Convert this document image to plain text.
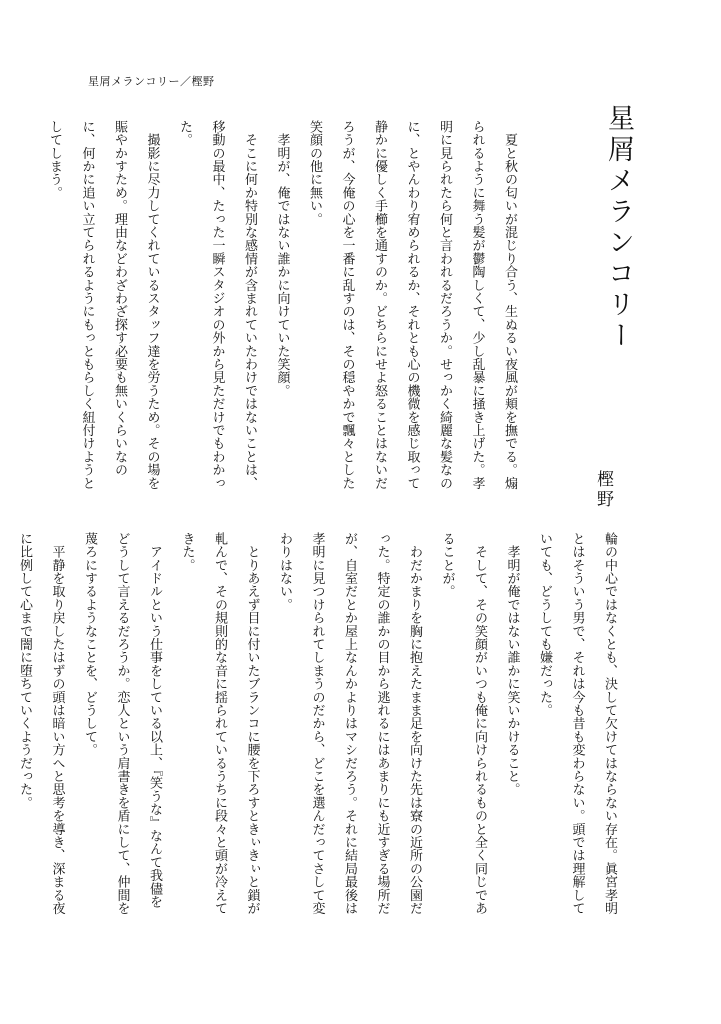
星屑メランコリー／樫野
星屑メランコリー
樫野

　夏と秋の匂いが混じり合う、生ぬるい夜風が頬を撫でる。煽られるように舞う髪が鬱陶しくて、少し乱暴に掻き上げた。孝明に見られたら何と言われるだろうか。せっかく綺麗な髪なのに、とやんわり宥められるか、それとも心の機微を感じ取って静かに優しく手櫛を通すのか。どちらにせよ怒ることはないだろうが、今俺の心を一番に乱すのは、その穏やかで飄々とした笑顔の他に無い。

　孝明が、俺ではない誰かに向けていた笑顔。

　そこに何か特別な感情が含まれていたわけではないことは、移動の最中、たった一瞬スタジオの外から見ただけでもわかった。

　撮影に尽力してくれているスタッフ達を労うため。その場を賑やかすため。理由などわざわざ探す必要も無いくらいなのに、何かに追い立てられるようにもっともらしく紐付けようとしてしまう。

輪の中心ではなくとも、決して欠けてはならない存在。眞宮孝明とはそういう男で、それは今も昔も変わらない。頭では理解していても、どうしても嫌だった。

　孝明が俺ではない誰かに笑いかけること。

　そして、その笑顔がいつも俺に向けられるものと全く同じであることが。

　わだかまりを胸に抱えたまま足を向けた先は寮の近所の公園だった。特定の誰かの目から逃れるにはあまりにも近すぎる場所だが、自室だとか屋上なんかよりはマシだろう。それに結局最後は孝明に見つけられてしまうのだから、どこを選んだってさして変わりはない。

　とりあえず目に付いたブランコに腰を下ろすときぃきぃと鎖が軋んで、その規則的な音に揺られているうちに段々と頭が冷えてきた。

　アイドルという仕事をしている以上、『笑うな』なんて我儘をどうして言えるだろうか。恋人という肩書きを盾にして、仲間を蔑ろにするようなことを、どうして。

　平静を取り戻したはずの頭は暗い方へと思考を導き、深まる夜に比例して心まで闇に堕ちていくようだった。
